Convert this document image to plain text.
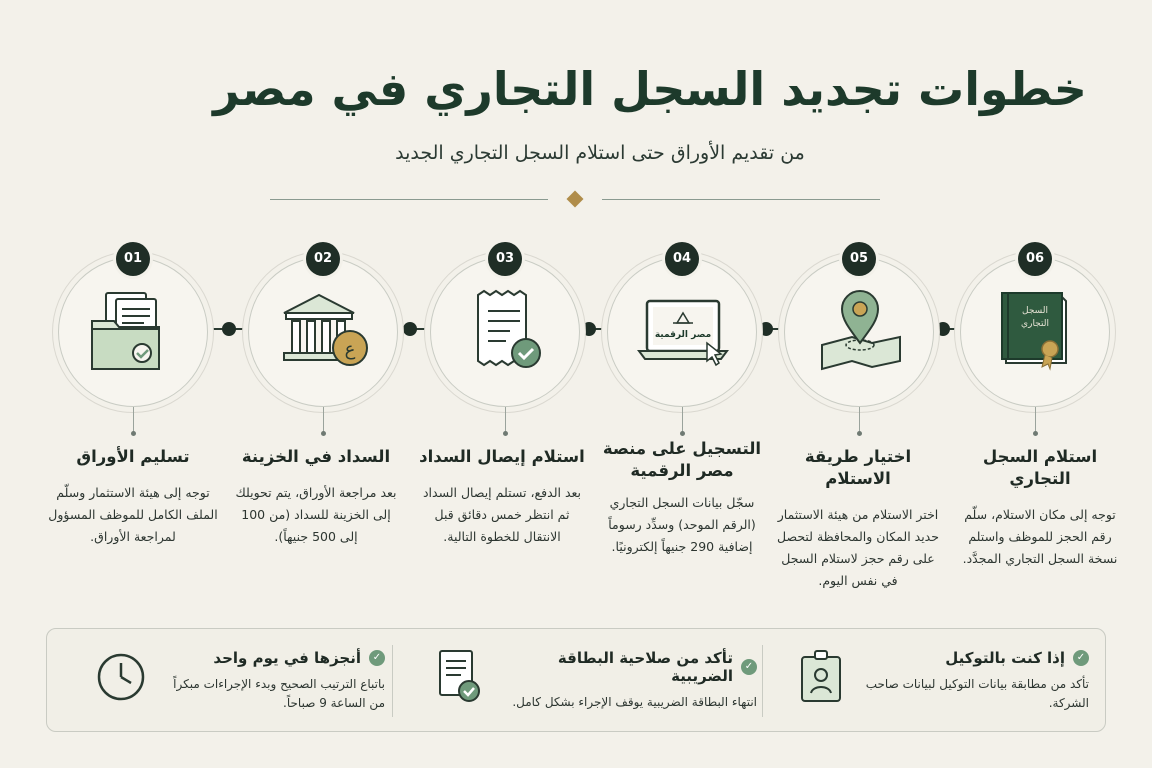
خطوات تجديد السجل التجاري في مصر
من تقديم الأوراق حتى استلام السجل التجاري الجديد
01	02
ع
03	04
مصر الرقمية
05	06
السجل
التجاري
تسليم الأوراق
توجه إلى هيئة الاستثمار وسلّم الملف الكامل للموظف المسؤول لمراجعة الأوراق.
السداد في الخزينة
بعد مراجعة الأوراق، يتم تحويلك إلى الخزينة للسداد (من 100 إلى 500 جنيهاً).
استلام إيصال السداد
بعد الدفع، تستلم إيصال السداد ثم انتظر خمس دقائق قبل الانتقال للخطوة التالية.
التسجيل على منصة مصر الرقمية
سجّل بيانات السجل التجاري (الرقم الموحد) وسدِّد رسوماً إضافية 290 جنيهاً إلكترونيًا.
اختيار طريقة الاستلام
اختر الاستلام من هيئة الاستثمار حديد المكان والمحافظة لتحصل على رقم حجز لاستلام السجل في نفس اليوم.
استلام السجل التجاري
توجه إلى مكان الاستلام، سلّم رقم الحجز للموظف واستلم نسخة السجل التجاري المجدَّد.
✓
إذا كنت بالتوكيل
تأكد من مطابقة بيانات التوكيل لبيانات صاحب الشركة.
✓
تأكد من صلاحية البطاقة الضريبية
انتهاء البطاقة الضريبية يوقف الإجراء بشكل كامل.
✓
أنجزها في يوم واحد
باتباع الترتيب الصحيح وبدء الإجراءات مبكراً من الساعة 9 صباحاً.
